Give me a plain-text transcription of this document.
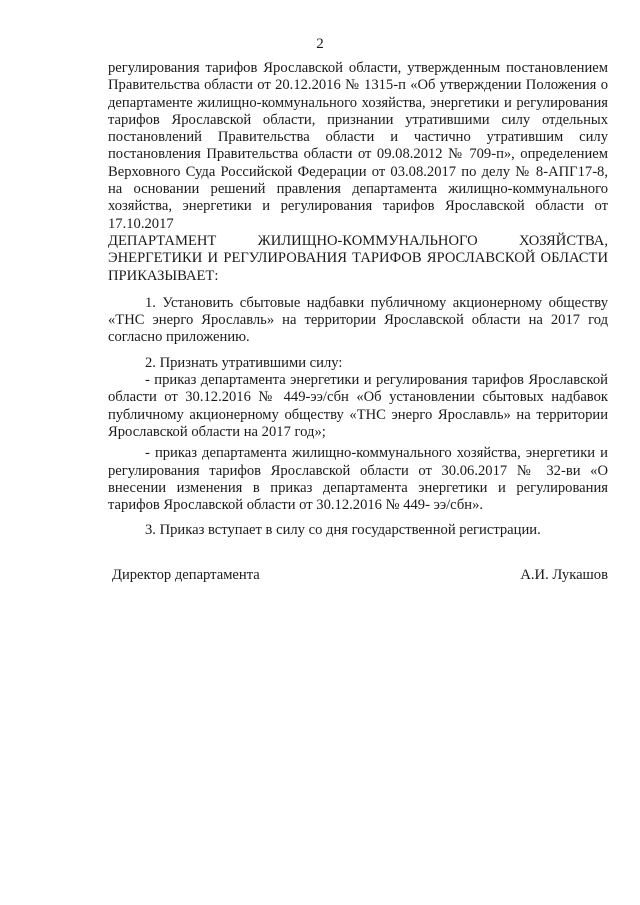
2

регулирования тарифов Ярославской области, утвержденным постановлением Правительства области от 20.12.2016 № 1315-п «Об утверждении Положения о департаменте жилищно-коммунального хозяйства, энергетики и регулирования тарифов Ярославской области, признании утратившими силу отдельных постановлений Правительства области и частично утратившим силу постановления Правительства области от 09.08.2012 № 709-п», определением Верховного Суда Российской Федерации от 03.08.2017 по делу № 8-АПГ17-8, на основании решений правления департамента жилищно-коммунального хозяйства, энергетики и регулирования тарифов Ярославской области от 17.10.2017

ДЕПАРТАМЕНТ ЖИЛИЩНО-КОММУНАЛЬНОГО ХОЗЯЙСТВА, ЭНЕРГЕТИКИ И РЕГУЛИРОВАНИЯ ТАРИФОВ ЯРОСЛАВСКОЙ ОБЛАСТИ ПРИКАЗЫВАЕТ:

1. Установить сбытовые надбавки публичному акционерному обществу «ТНС энерго Ярославль» на территории Ярославской области на 2017 год согласно приложению.

2. Признать утратившими силу:

- приказ департамента энергетики и регулирования тарифов Ярославской области от 30.12.2016 № 449-ээ/сбн «Об установлении сбытовых надбавок публичному акционерному обществу «ТНС энерго Ярославль» на территории Ярославской области на 2017 год»;

- приказ департамента жилищно-коммунального хозяйства, энергетики и регулирования тарифов Ярославской области от 30.06.2017 № 32-ви «О внесении изменения в приказ департамента энергетики и регулирования тарифов Ярославской области от 30.12.2016 № 449- ээ/сбн».

3. Приказ вступает в силу со дня государственной регистрации.

Директор департамента	А.И. Лукашов
